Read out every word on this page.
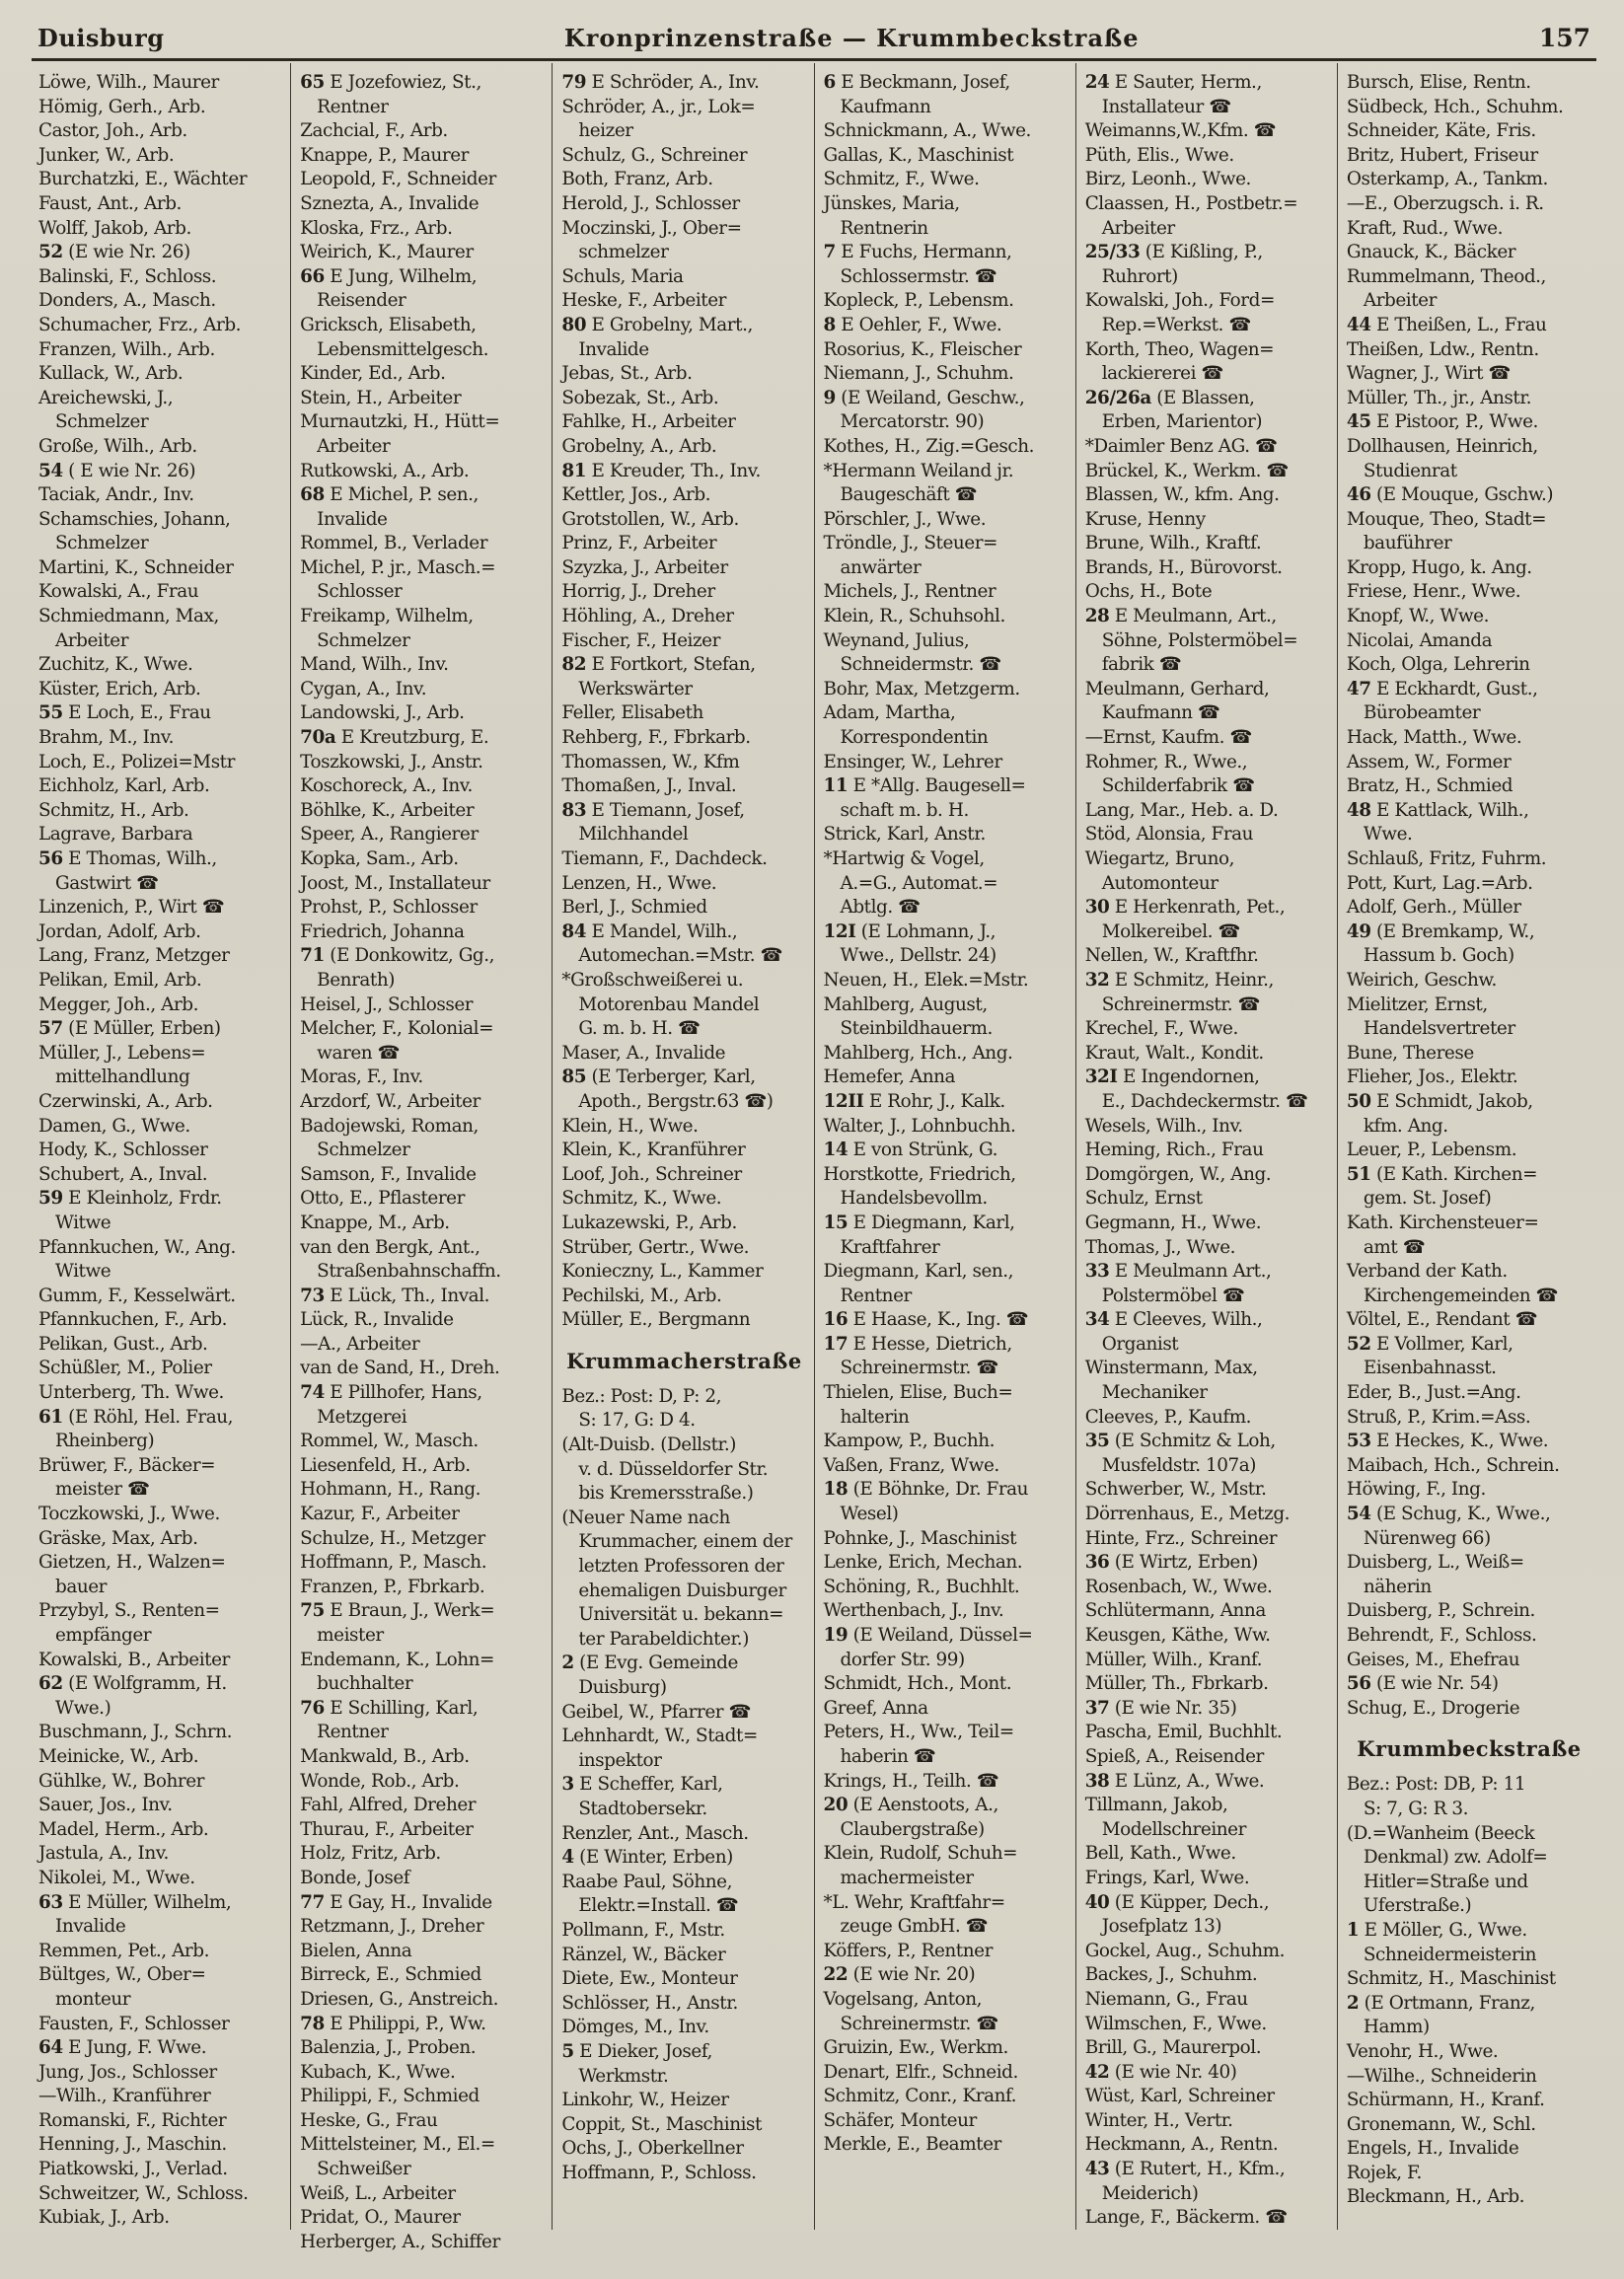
Duisburg	Kronprinzenstraße — Krummbeckstraße	157
Löwe, Wilh., Maurer
Hömig, Gerh., Arb.
Castor, Joh., Arb.
Junker, W., Arb.
Burchatzki, E., Wächter
Faust, Ant., Arb.
Wolff, Jakob, Arb.
52 (E wie Nr. 26)
Balinski, F., Schloss.
Donders, A., Masch.
Schumacher, Frz., Arb.
Franzen, Wilh., Arb.
Kullack, W., Arb.
Areichewski, J.,
Schmelzer
Große, Wilh., Arb.
54 ( E wie Nr. 26)
Taciak, Andr., Inv.
Schamschies, Johann,
Schmelzer
Martini, K., Schneider
Kowalski, A., Frau
Schmiedmann, Max,
Arbeiter
Zuchitz, K., Wwe.
Küster, Erich, Arb.
55 E Loch, E., Frau
Brahm, M., Inv.
Loch, E., Polizei=Mstr
Eichholz, Karl, Arb.
Schmitz, H., Arb.
Lagrave, Barbara
56 E Thomas, Wilh.,
Gastwirt ☎
Linzenich, P., Wirt ☎
Jordan, Adolf, Arb.
Lang, Franz, Metzger
Pelikan, Emil, Arb.
Megger, Joh., Arb.
57 (E Müller, Erben)
Müller, J., Lebens=
mittelhandlung
Czerwinski, A., Arb.
Damen, G., Wwe.
Hody, K., Schlosser
Schubert, A., Inval.
59 E Kleinholz, Frdr.
Witwe
Pfannkuchen, W., Ang.
Witwe
Gumm, F., Kesselwärt.
Pfannkuchen, F., Arb.
Pelikan, Gust., Arb.
Schüßler, M., Polier
Unterberg, Th. Wwe.
61 (E Röhl, Hel. Frau,
Rheinberg)
Brüwer, F., Bäcker=
meister ☎
Toczkowski, J., Wwe.
Gräske, Max, Arb.
Gietzen, H., Walzen=
bauer
Przybyl, S., Renten=
empfänger
Kowalski, B., Arbeiter
62 (E Wolfgramm, H.
Wwe.)
Buschmann, J., Schrn.
Meinicke, W., Arb.
Gühlke, W., Bohrer
Sauer, Jos., Inv.
Madel, Herm., Arb.
Jastula, A., Inv.
Nikolei, M., Wwe.
63 E Müller, Wilhelm,
Invalide
Remmen, Pet., Arb.
Bültges, W., Ober=
monteur
Fausten, F., Schlosser
64 E Jung, F. Wwe.
Jung, Jos., Schlosser
—Wilh., Kranführer
Romanski, F., Richter
Henning, J., Maschin.
Piatkowski, J., Verlad.
Schweitzer, W., Schloss.
Kubiak, J., Arb.
65 E Jozefowiez, St.,
Rentner
Zachcial, F., Arb.
Knappe, P., Maurer
Leopold, F., Schneider
Sznezta, A., Invalide
Kloska, Frz., Arb.
Weirich, K., Maurer
66 E Jung, Wilhelm,
Reisender
Gricksch, Elisabeth,
Lebensmittelgesch.
Kinder, Ed., Arb.
Stein, H., Arbeiter
Murnautzki, H., Hütt=
Arbeiter
Rutkowski, A., Arb.
68 E Michel, P. sen.,
Invalide
Rommel, B., Verlader
Michel, P. jr., Masch.=
Schlosser
Freikamp, Wilhelm,
Schmelzer
Mand, Wilh., Inv.
Cygan, A., Inv.
Landowski, J., Arb.
70a E Kreutzburg, E.
Toszkowski, J., Anstr.
Koschoreck, A., Inv.
Böhlke, K., Arbeiter
Speer, A., Rangierer
Kopka, Sam., Arb.
Joost, M., Installateur
Prohst, P., Schlosser
Friedrich, Johanna
71 (E Donkowitz, Gg.,
Benrath)
Heisel, J., Schlosser
Melcher, F., Kolonial=
waren ☎
Moras, F., Inv.
Arzdorf, W., Arbeiter
Badojewski, Roman,
Schmelzer
Samson, F., Invalide
Otto, E., Pflasterer
Knappe, M., Arb.
van den Bergk, Ant.,
Straßenbahnschaffn.
73 E Lück, Th., Inval.
Lück, R., Invalide
—A., Arbeiter
van de Sand, H., Dreh.
74 E Pillhofer, Hans,
Metzgerei
Rommel, W., Masch.
Liesenfeld, H., Arb.
Hohmann, H., Rang.
Kazur, F., Arbeiter
Schulze, H., Metzger
Hoffmann, P., Masch.
Franzen, P., Fbrkarb.
75 E Braun, J., Werk=
meister
Endemann, K., Lohn=
buchhalter
76 E Schilling, Karl,
Rentner
Mankwald, B., Arb.
Wonde, Rob., Arb.
Fahl, Alfred, Dreher
Thurau, F., Arbeiter
Holz, Fritz, Arb.
Bonde, Josef
77 E Gay, H., Invalide
Retzmann, J., Dreher
Bielen, Anna
Birreck, E., Schmied
Driesen, G., Anstreich.
78 E Philippi, P., Ww.
Balenzia, J., Proben.
Kubach, K., Wwe.
Philippi, F., Schmied
Heske, G., Frau
Mittelsteiner, M., El.=
Schweißer
Weiß, L., Arbeiter
Pridat, O., Maurer
Herberger, A., Schiffer
79 E Schröder, A., Inv.
Schröder, A., jr., Lok=
heizer
Schulz, G., Schreiner
Both, Franz, Arb.
Herold, J., Schlosser
Moczinski, J., Ober=
schmelzer
Schuls, Maria
Heske, F., Arbeiter
80 E Grobelny, Mart.,
Invalide
Jebas, St., Arb.
Sobezak, St., Arb.
Fahlke, H., Arbeiter
Grobelny, A., Arb.
81 E Kreuder, Th., Inv.
Kettler, Jos., Arb.
Grotstollen, W., Arb.
Prinz, F., Arbeiter
Szyzka, J., Arbeiter
Horrig, J., Dreher
Höhling, A., Dreher
Fischer, F., Heizer
82 E Fortkort, Stefan,
Werkswärter
Feller, Elisabeth
Rehberg, F., Fbrkarb.
Thomassen, W., Kfm
Thomaßen, J., Inval.
83 E Tiemann, Josef,
Milchhandel
Tiemann, F., Dachdeck.
Lenzen, H., Wwe.
Berl, J., Schmied
84 E Mandel, Wilh.,
Automechan.=Mstr. ☎
*Großschweißerei u.
Motorenbau Mandel
G. m. b. H. ☎
Maser, A., Invalide
85 (E Terberger, Karl,
Apoth., Bergstr.63 ☎)
Klein, H., Wwe.
Klein, K., Kranführer
Loof, Joh., Schreiner
Schmitz, K., Wwe.
Lukazewski, P., Arb.
Strüber, Gertr., Wwe.
Konieczny, L., Kammer
Pechilski, M., Arb.
Müller, E., Bergmann
Krummacherstraße
Bez.: Post: D, P: 2,
S: 17, G: D 4.
(Alt-Duisb. (Dellstr.)
v. d. Düsseldorfer Str.
bis Kremersstraße.)
(Neuer Name nach
Krummacher, einem der
letzten Professoren der
ehemaligen Duisburger
Universität u. bekann=
ter Parabeldichter.)
2 (E Evg. Gemeinde
Duisburg)
Geibel, W., Pfarrer ☎
Lehnhardt, W., Stadt=
inspektor
3 E Scheffer, Karl,
Stadtobersekr.
Renzler, Ant., Masch.
4 (E Winter, Erben)
Raabe Paul, Söhne,
Elektr.=Install. ☎
Pollmann, F., Mstr.
Ränzel, W., Bäcker
Diete, Ew., Monteur
Schlösser, H., Anstr.
Dömges, M., Inv.
5 E Dieker, Josef,
Werkmstr.
Linkohr, W., Heizer
Coppit, St., Maschinist
Ochs, J., Oberkellner
Hoffmann, P., Schloss.
6 E Beckmann, Josef,
Kaufmann
Schnickmann, A., Wwe.
Gallas, K., Maschinist
Schmitz, F., Wwe.
Jünskes, Maria,
Rentnerin
7 E Fuchs, Hermann,
Schlossermstr. ☎
Kopleck, P., Lebensm.
8 E Oehler, F., Wwe.
Rosorius, K., Fleischer
Niemann, J., Schuhm.
9 (E Weiland, Geschw.,
Mercatorstr. 90)
Kothes, H., Zig.=Gesch.
*Hermann Weiland jr.
Baugeschäft ☎
Pörschler, J., Wwe.
Tröndle, J., Steuer=
anwärter
Michels, J., Rentner
Klein, R., Schuhsohl.
Weynand, Julius,
Schneidermstr. ☎
Bohr, Max, Metzgerm.
Adam, Martha,
Korrespondentin
Ensinger, W., Lehrer
11 E *Allg. Baugesell=
schaft m. b. H.
Strick, Karl, Anstr.
*Hartwig & Vogel,
A.=G., Automat.=
Abtlg. ☎
12I (E Lohmann, J.,
Wwe., Dellstr. 24)
Neuen, H., Elek.=Mstr.
Mahlberg, August,
Steinbildhauerm.
Mahlberg, Hch., Ang.
Hemefer, Anna
12II E Rohr, J., Kalk.
Walter, J., Lohnbuchh.
14 E von Strünk, G.
Horstkotte, Friedrich,
Handelsbevollm.
15 E Diegmann, Karl,
Kraftfahrer
Diegmann, Karl, sen.,
Rentner
16 E Haase, K., Ing. ☎
17 E Hesse, Dietrich,
Schreinermstr. ☎
Thielen, Elise, Buch=
halterin
Kampow, P., Buchh.
Vaßen, Franz, Wwe.
18 (E Böhnke, Dr. Frau
Wesel)
Pohnke, J., Maschinist
Lenke, Erich, Mechan.
Schöning, R., Buchhlt.
Werthenbach, J., Inv.
19 (E Weiland, Düssel=
dorfer Str. 99)
Schmidt, Hch., Mont.
Greef, Anna
Peters, H., Ww., Teil=
haberin ☎
Krings, H., Teilh. ☎
20 (E Aenstoots, A.,
Claubergstraße)
Klein, Rudolf, Schuh=
machermeister
*L. Wehr, Kraftfahr=
zeuge GmbH. ☎
Köffers, P., Rentner
22 (E wie Nr. 20)
Vogelsang, Anton,
Schreinermstr. ☎
Gruizin, Ew., Werkm.
Denart, Elfr., Schneid.
Schmitz, Conr., Kranf.
Schäfer, Monteur
Merkle, E., Beamter
24 E Sauter, Herm.,
Installateur ☎
Weimanns,W.,Kfm. ☎
Püth, Elis., Wwe.
Birz, Leonh., Wwe.
Claassen, H., Postbetr.=
Arbeiter
25/33 (E Kißling, P.,
Ruhrort)
Kowalski, Joh., Ford=
Rep.=Werkst. ☎
Korth, Theo, Wagen=
lackiererei ☎
26/26a (E Blassen,
Erben, Marientor)
*Daimler Benz AG. ☎
Brückel, K., Werkm. ☎
Blassen, W., kfm. Ang.
Kruse, Henny
Brune, Wilh., Kraftf.
Brands, H., Bürovorst.
Ochs, H., Bote
28 E Meulmann, Art.,
Söhne, Polstermöbel=
fabrik ☎
Meulmann, Gerhard,
Kaufmann ☎
—Ernst, Kaufm. ☎
Rohmer, R., Wwe.,
Schilderfabrik ☎
Lang, Mar., Heb. a. D.
Stöd, Alonsia, Frau
Wiegartz, Bruno,
Automonteur
30 E Herkenrath, Pet.,
Molkereibel. ☎
Nellen, W., Kraftfhr.
32 E Schmitz, Heinr.,
Schreinermstr. ☎
Krechel, F., Wwe.
Kraut, Walt., Kondit.
32I E Ingendornen,
E., Dachdeckermstr. ☎
Wesels, Wilh., Inv.
Heming, Rich., Frau
Domgörgen, W., Ang.
Schulz, Ernst
Gegmann, H., Wwe.
Thomas, J., Wwe.
33 E Meulmann Art.,
Polstermöbel ☎
34 E Cleeves, Wilh.,
Organist
Winstermann, Max,
Mechaniker
Cleeves, P., Kaufm.
35 (E Schmitz & Loh,
Musfeldstr. 107a)
Schwerber, W., Mstr.
Dörrenhaus, E., Metzg.
Hinte, Frz., Schreiner
36 (E Wirtz, Erben)
Rosenbach, W., Wwe.
Schlütermann, Anna
Keusgen, Käthe, Ww.
Müller, Wilh., Kranf.
Müller, Th., Fbrkarb.
37 (E wie Nr. 35)
Pascha, Emil, Buchhlt.
Spieß, A., Reisender
38 E Lünz, A., Wwe.
Tillmann, Jakob,
Modellschreiner
Bell, Kath., Wwe.
Frings, Karl, Wwe.
40 (E Küpper, Dech.,
Josefplatz 13)
Gockel, Aug., Schuhm.
Backes, J., Schuhm.
Niemann, G., Frau
Wilmschen, F., Wwe.
Brill, G., Maurerpol.
42 (E wie Nr. 40)
Wüst, Karl, Schreiner
Winter, H., Vertr.
Heckmann, A., Rentn.
43 (E Rutert, H., Kfm.,
Meiderich)
Lange, F., Bäckerm. ☎
Bursch, Elise, Rentn.
Südbeck, Hch., Schuhm.
Schneider, Käte, Fris.
Britz, Hubert, Friseur
Osterkamp, A., Tankm.
—E., Oberzugsch. i. R.
Kraft, Rud., Wwe.
Gnauck, K., Bäcker
Rummelmann, Theod.,
Arbeiter
44 E Theißen, L., Frau
Theißen, Ldw., Rentn.
Wagner, J., Wirt ☎
Müller, Th., jr., Anstr.
45 E Pistoor, P., Wwe.
Dollhausen, Heinrich,
Studienrat
46 (E Mouque, Gschw.)
Mouque, Theo, Stadt=
bauführer
Kropp, Hugo, k. Ang.
Friese, Henr., Wwe.
Knopf, W., Wwe.
Nicolai, Amanda
Koch, Olga, Lehrerin
47 E Eckhardt, Gust.,
Bürobeamter
Hack, Matth., Wwe.
Assem, W., Former
Bratz, H., Schmied
48 E Kattlack, Wilh.,
Wwe.
Schlauß, Fritz, Fuhrm.
Pott, Kurt, Lag.=Arb.
Adolf, Gerh., Müller
49 (E Bremkamp, W.,
Hassum b. Goch)
Weirich, Geschw.
Mielitzer, Ernst,
Handelsvertreter
Bune, Therese
Flieher, Jos., Elektr.
50 E Schmidt, Jakob,
kfm. Ang.
Leuer, P., Lebensm.
51 (E Kath. Kirchen=
gem. St. Josef)
Kath. Kirchensteuer=
amt ☎
Verband der Kath.
Kirchengemeinden ☎
Völtel, E., Rendant ☎
52 E Vollmer, Karl,
Eisenbahnasst.
Eder, B., Just.=Ang.
Struß, P., Krim.=Ass.
53 E Heckes, K., Wwe.
Maibach, Hch., Schrein.
Höwing, F., Ing.
54 (E Schug, K., Wwe.,
Nürenweg 66)
Duisberg, L., Weiß=
näherin
Duisberg, P., Schrein.
Behrendt, F., Schloss.
Geises, M., Ehefrau
56 (E wie Nr. 54)
Schug, E., Drogerie
Krummbeckstraße
Bez.: Post: DB, P: 11
S: 7, G: R 3.
(D.=Wanheim (Beeck
Denkmal) zw. Adolf=
Hitler=Straße und
Uferstraße.)
1 E Möller, G., Wwe.
Schneidermeisterin
Schmitz, H., Maschinist
2 (E Ortmann, Franz,
Hamm)
Venohr, H., Wwe.
—Wilhe., Schneiderin
Schürmann, H., Kranf.
Gronemann, W., Schl.
Engels, H., Invalide
Rojek, F.
Bleckmann, H., Arb.
